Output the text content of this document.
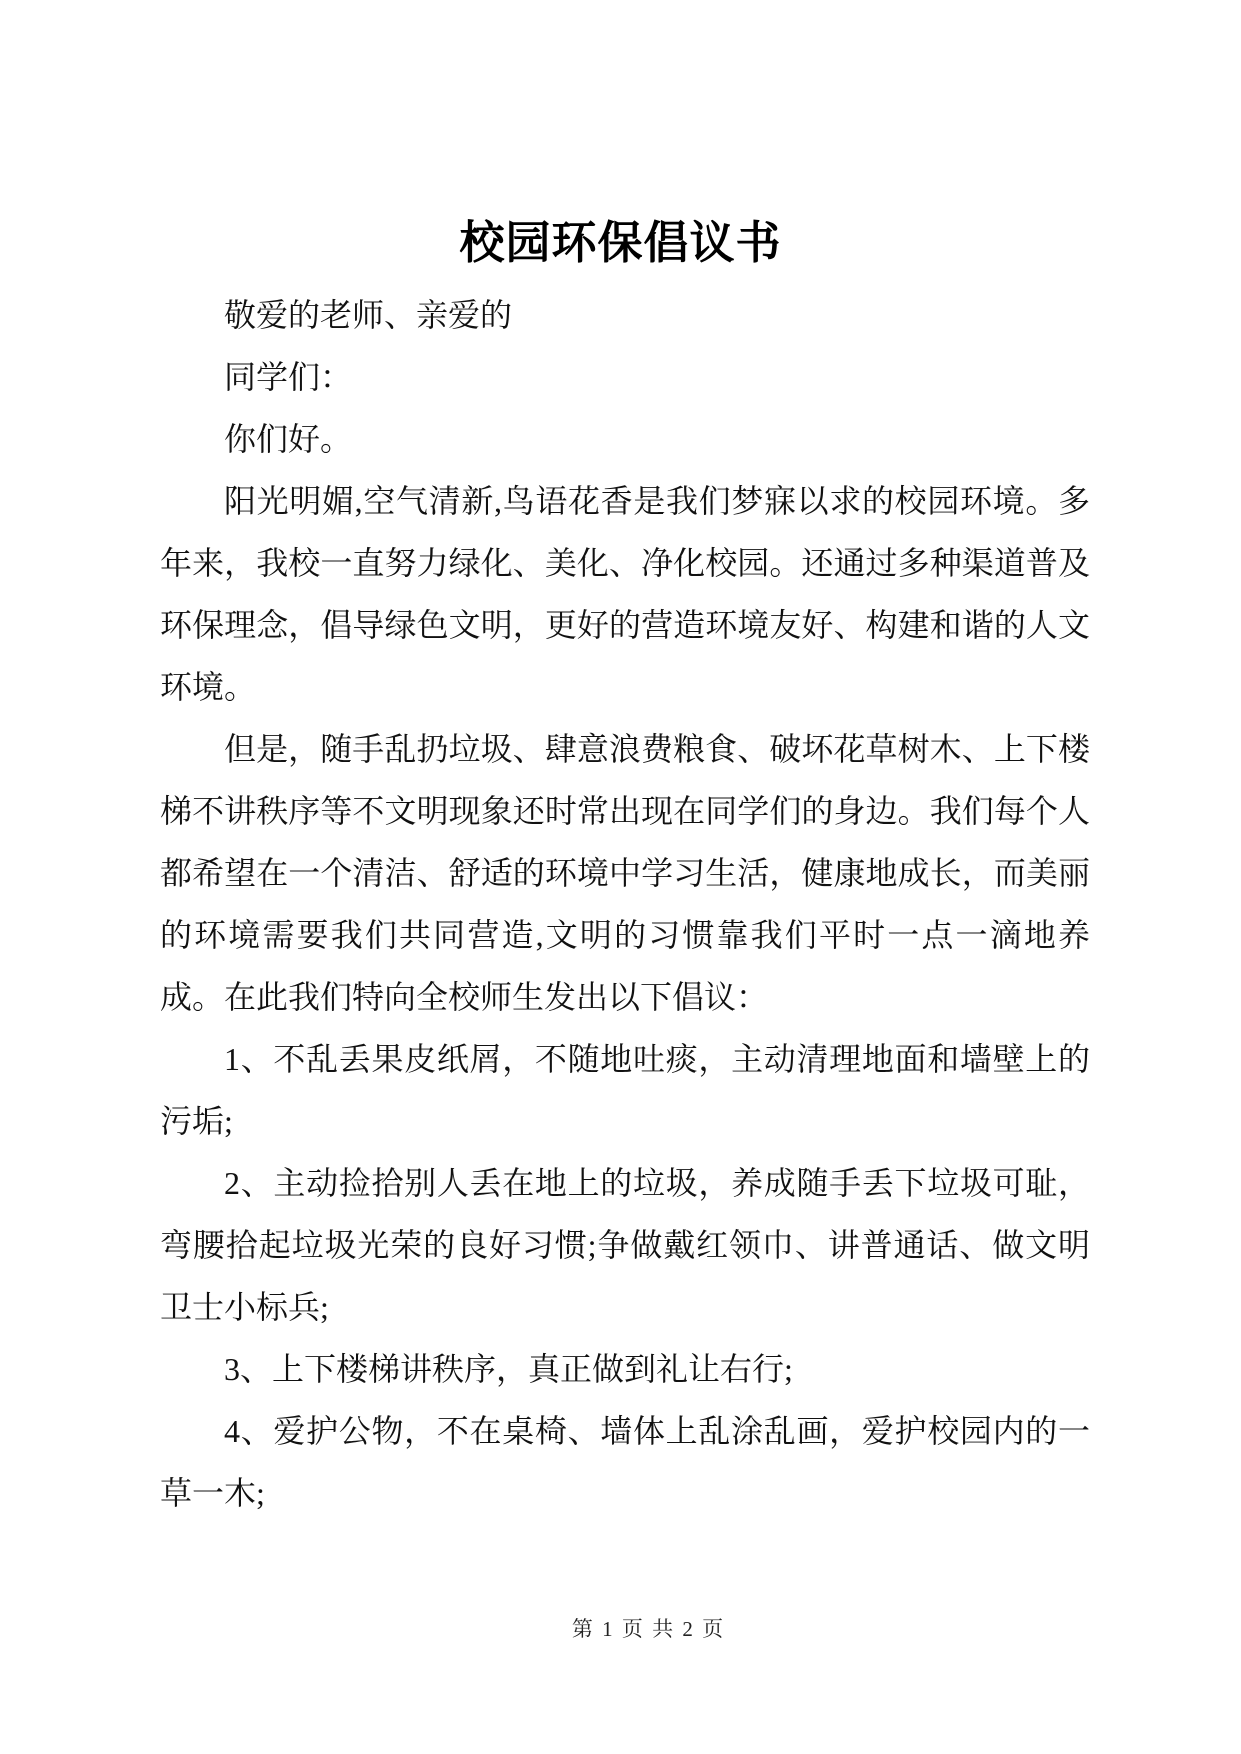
校园环保倡议书

敬爱的老师、亲爱的

同学们：

你们好。

阳光明媚,空气清新,鸟语花香是我们梦寐以求的校园环境。多年来，我校一直努力绿化、美化、净化校园。还通过多种渠道普及环保理念，倡导绿色文明，更好的营造环境友好、构建和谐的人文环境。

但是，随手乱扔垃圾、肆意浪费粮食、破坏花草树木、上下楼梯不讲秩序等不文明现象还时常出现在同学们的身边。我们每个人都希望在一个清洁、舒适的环境中学习生活，健康地成长，而美丽的环境需要我们共同营造,文明的习惯靠我们平时一点一滴地养成。在此我们特向全校师生发出以下倡议：

1、不乱丢果皮纸屑，不随地吐痰，主动清理地面和墙壁上的污垢;

2、主动捡拾别人丢在地上的垃圾，养成随手丢下垃圾可耻，弯腰拾起垃圾光荣的良好习惯;争做戴红领巾、讲普通话、做文明卫士小标兵;

3、上下楼梯讲秩序，真正做到礼让右行;

4、爱护公物，不在桌椅、墙体上乱涂乱画，爱护校园内的一草一木;

第 1 页 共 2 页
